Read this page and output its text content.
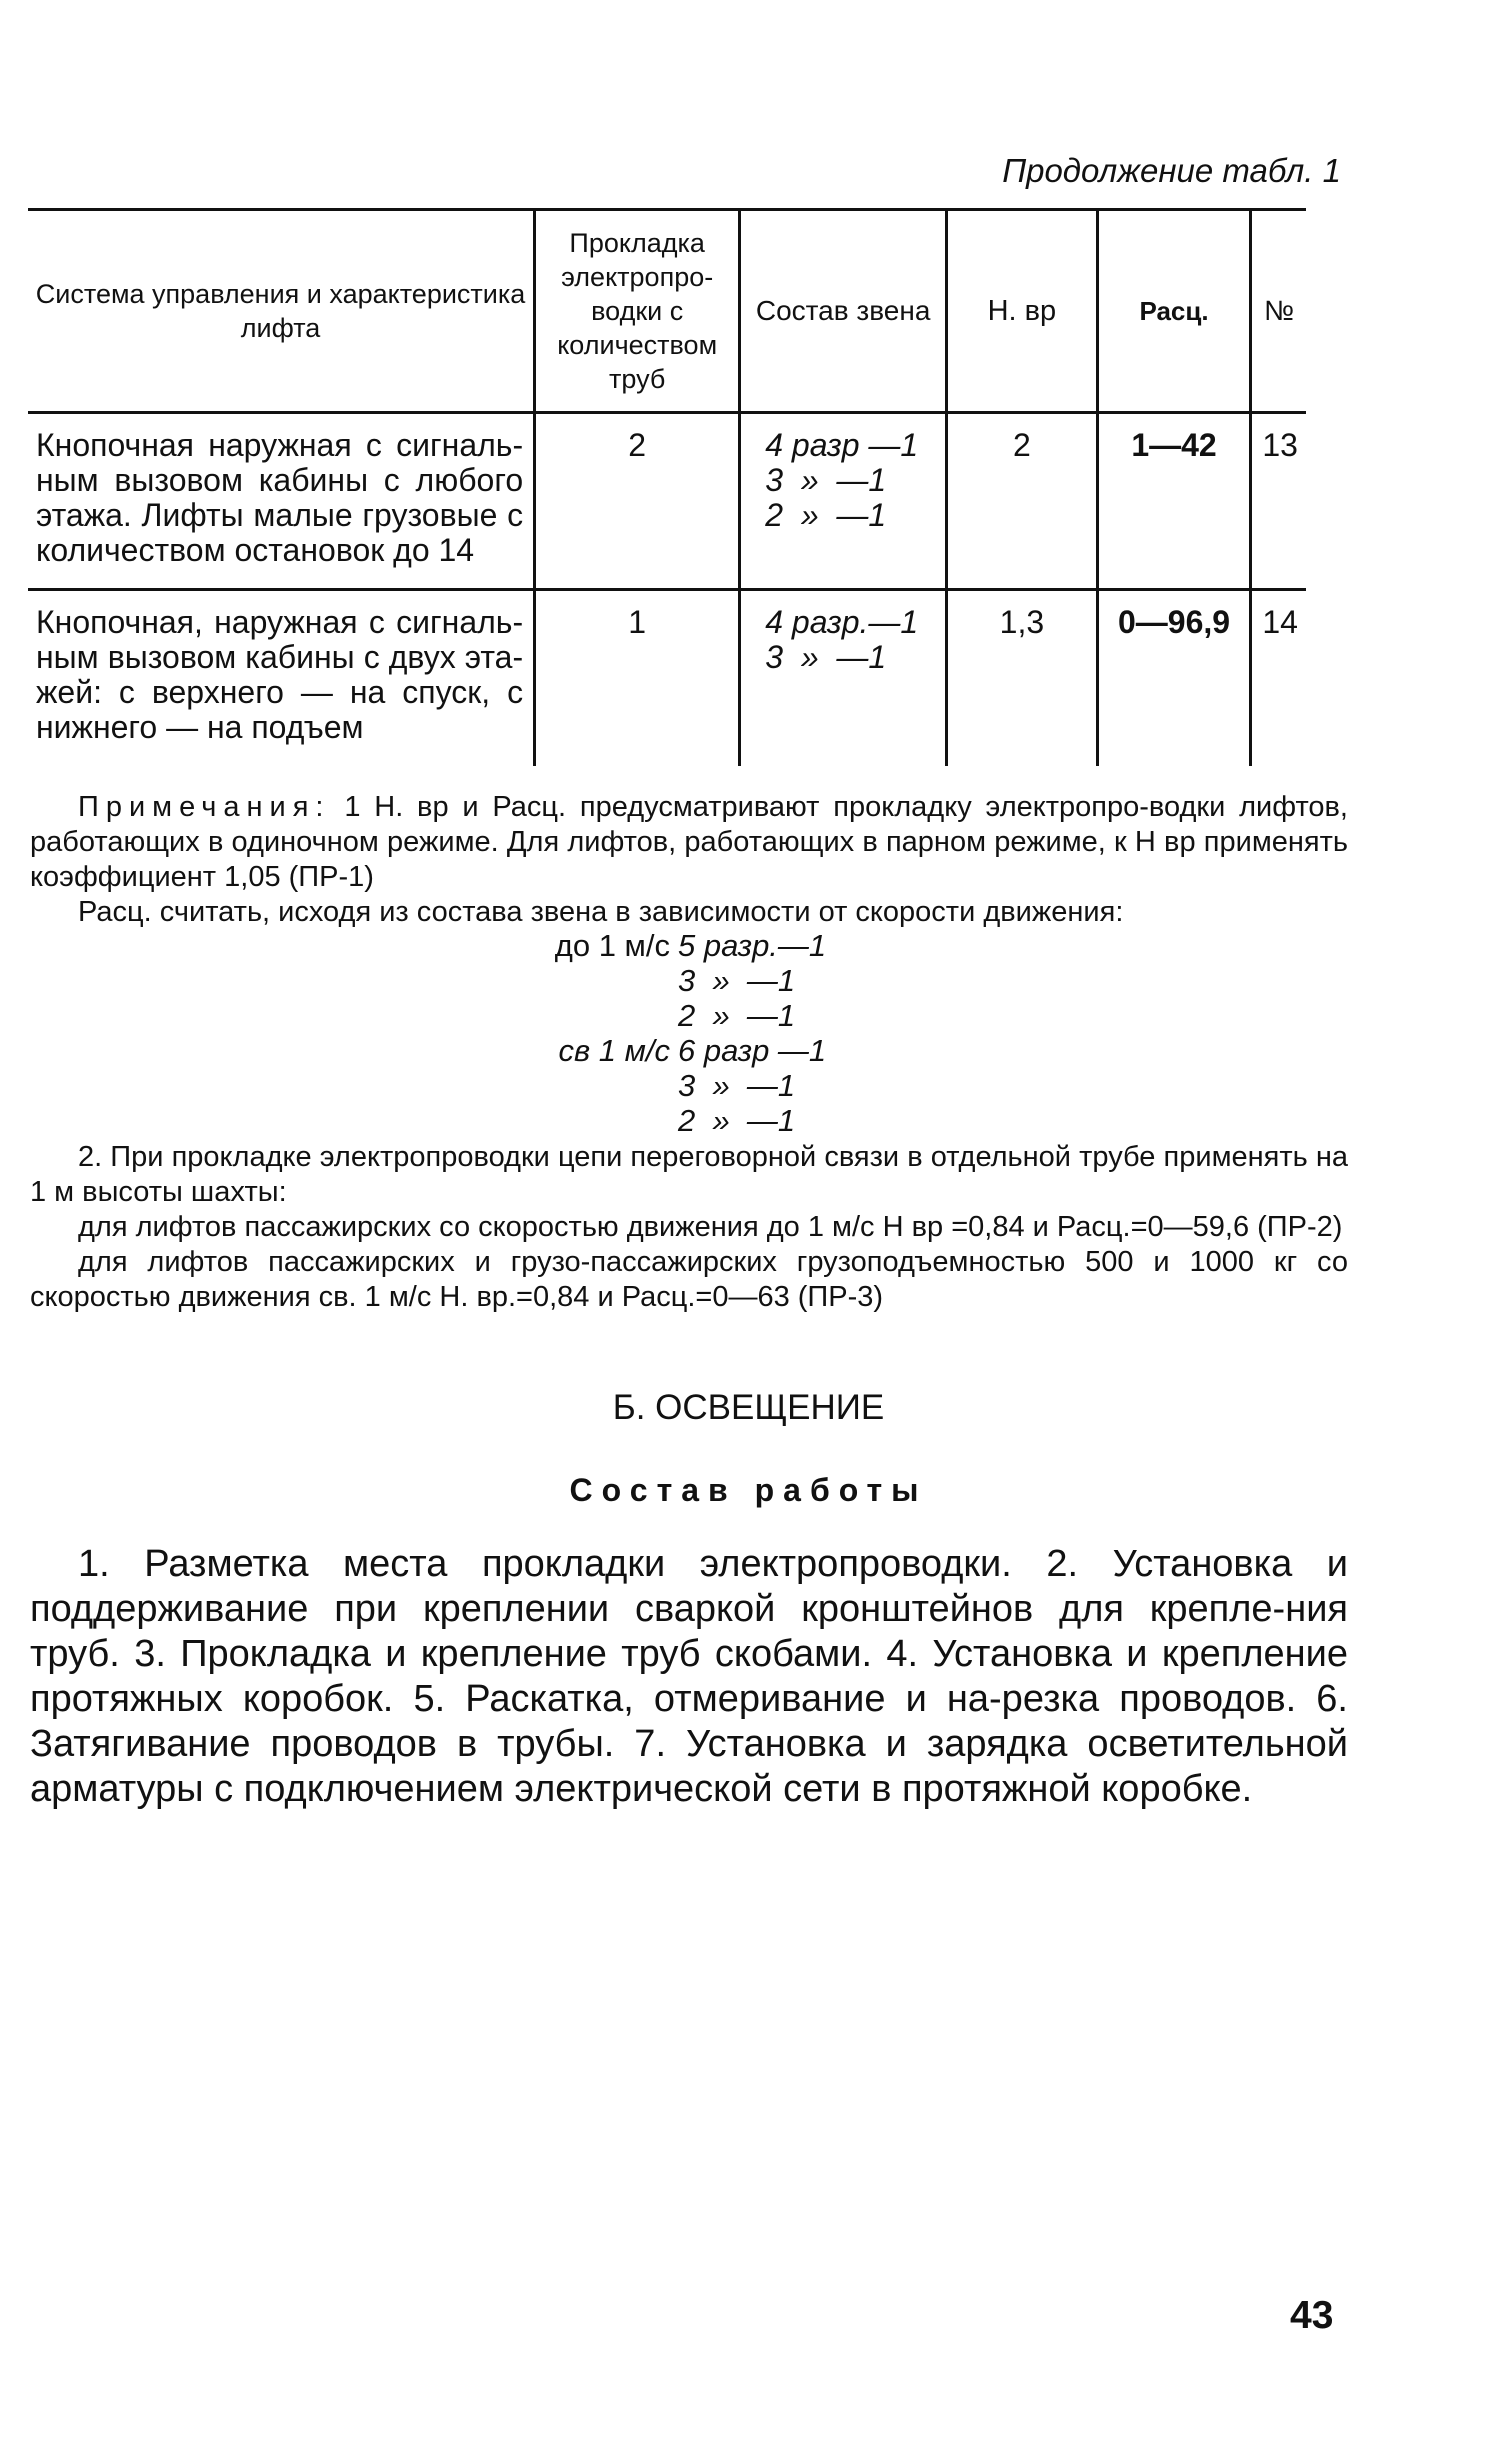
Продолжение табл. 1
Система управления и характеристика лифта	Прокладка электропро-водки с количеством труб	Состав звена	Н. вр	Расц.	№
Кнопочная наружная с сигналь-ным вызовом кабины с любого этажа. Лифты малые грузовые с количеством остановок до 14	2	4 разр —1
3  »  —1
2  »  —1	2	1—42	13
Кнопочная, наружная с сигналь-ным вызовом кабины с двух эта-жей: с верхнего — на спуск, с нижнего — на подъем	1	4 разр.—1
3  »  —1	1,3	0—96,9	14

Примечания: 1 Н. вр и Расц. предусматривают прокладку электропро-водки лифтов, работающих в одиночном режиме. Для лифтов, работающих в парном режиме, к Н вр применять коэффициент 1,05 (ПР-1)

Расц. считать, исходя из состава звена в зависимости от скорости движения:

2. При прокладке электропроводки цепи переговорной связи в отдельной трубе применять на 1 м высоты шахты:

для лифтов пассажирских со скоростью движения до 1 м/с Н вр =0,84 и Расц.=0—59,6 (ПР-2)

для лифтов пассажирских и грузо-пассажирских грузоподъемностью 500 и 1000 кг со скоростью движения св. 1 м/с Н. вр.=0,84 и Расц.=0—63 (ПР-3)

до 1 м/с 5 разр.—1
3  »  —1
2  »  —1
св 1 м/с 6 разр —1
3  »  —1
2  »  —1
Б. ОСВЕЩЕНИЕ
Состав работы
1. Разметка места прокладки электропроводки. 2. Установка и поддерживание при креплении сваркой кронштейнов для крепле-ния труб. 3. Прокладка и крепление труб скобами. 4. Установка и крепление протяжных коробок. 5. Раскатка, отмеривание и на-резка проводов. 6. Затягивание проводов в трубы. 7. Установка и зарядка осветительной арматуры с подключением электрической сети в протяжной коробке.
43
